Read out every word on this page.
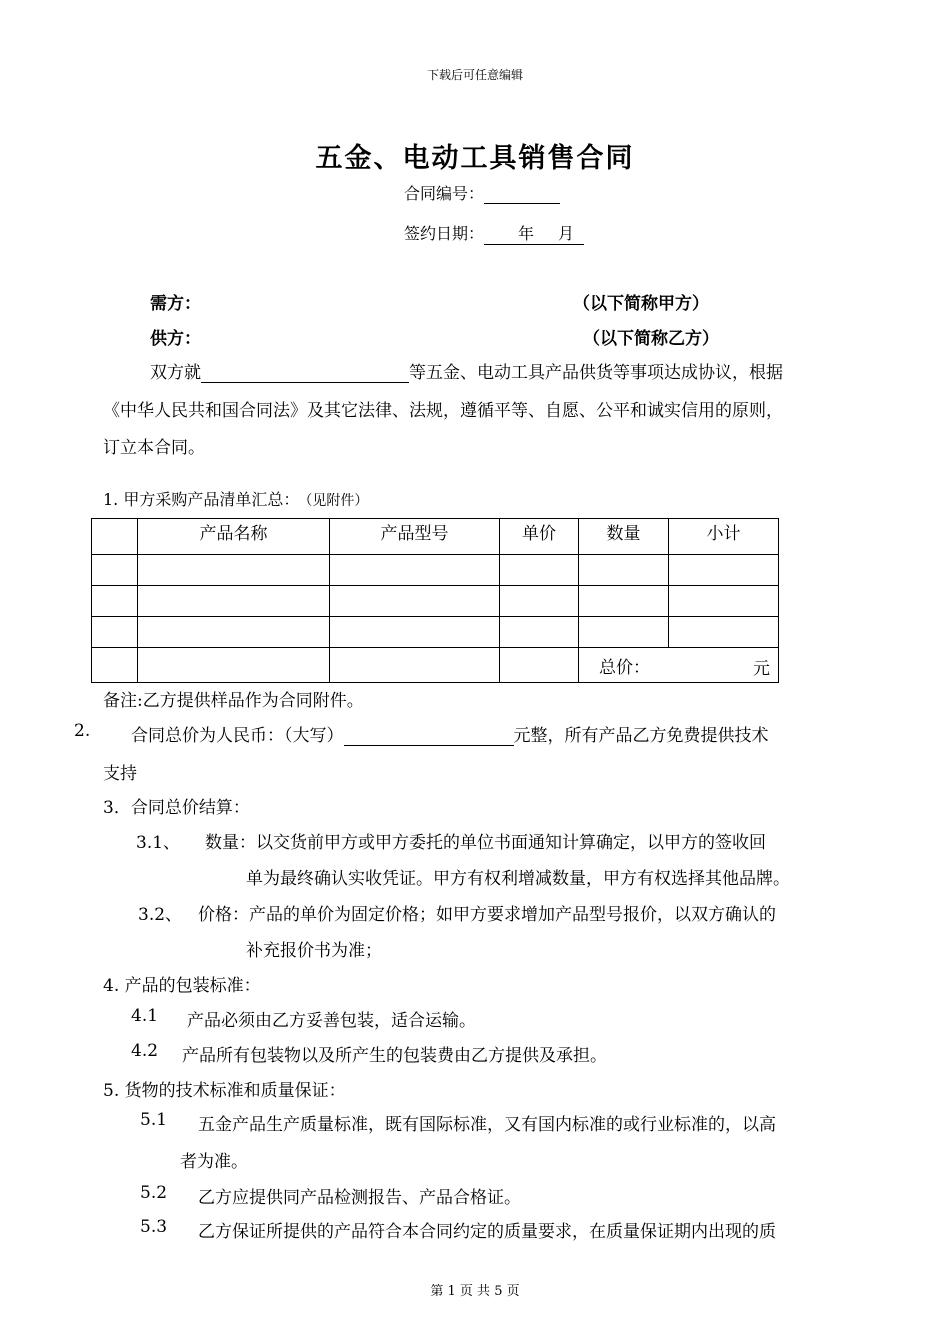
下载后可任意编辑
五金、电动工具销售合同
合同编号：
签约日期： 年 月
需方：	（以下简称甲方）
供方：	（以下简称乙方）
双方就	等五金、电动工具产品供货等事项达成协议，根据
《中华人民共和国合同法》及其它法律、法规，遵循平等、自愿、公平和诚实信用的原则，
订立本合同。
1. 甲方采购产品清单汇总： （见附件）
	产品名称	产品型号	单价	数量	小计

				总价： 元	
备注:乙方提供样品作为合同附件。
2. 合同总价为人民币：（大写）	元整，所有产品乙方免费提供技术
支持
3．合同总价结算：
3.1、 数量：以交货前甲方或甲方委托的单位书面通知计算确定，以甲方的签收回
单为最终确认实收凭证。甲方有权利增减数量，甲方有权选择其他品牌。
3.2、 价格：产品的单价为固定价格；如甲方要求增加产品型号报价，以双方确认的
补充报价书为准；
4. 产品的包装标准：
4.1 产品必须由乙方妥善包装，适合运输。
4.2 产品所有包装物以及所产生的包装费由乙方提供及承担。
5. 货物的技术标准和质量保证：
5.1 五金产品生产质量标准，既有国际标准，又有国内标准的或行业标准的，以高
者为准。
5.2 乙方应提供同产品检测报告、产品合格证。
5.3 乙方保证所提供的产品符合本合同约定的质量要求，在质量保证期内出现的质
第 1 页 共 5 页
